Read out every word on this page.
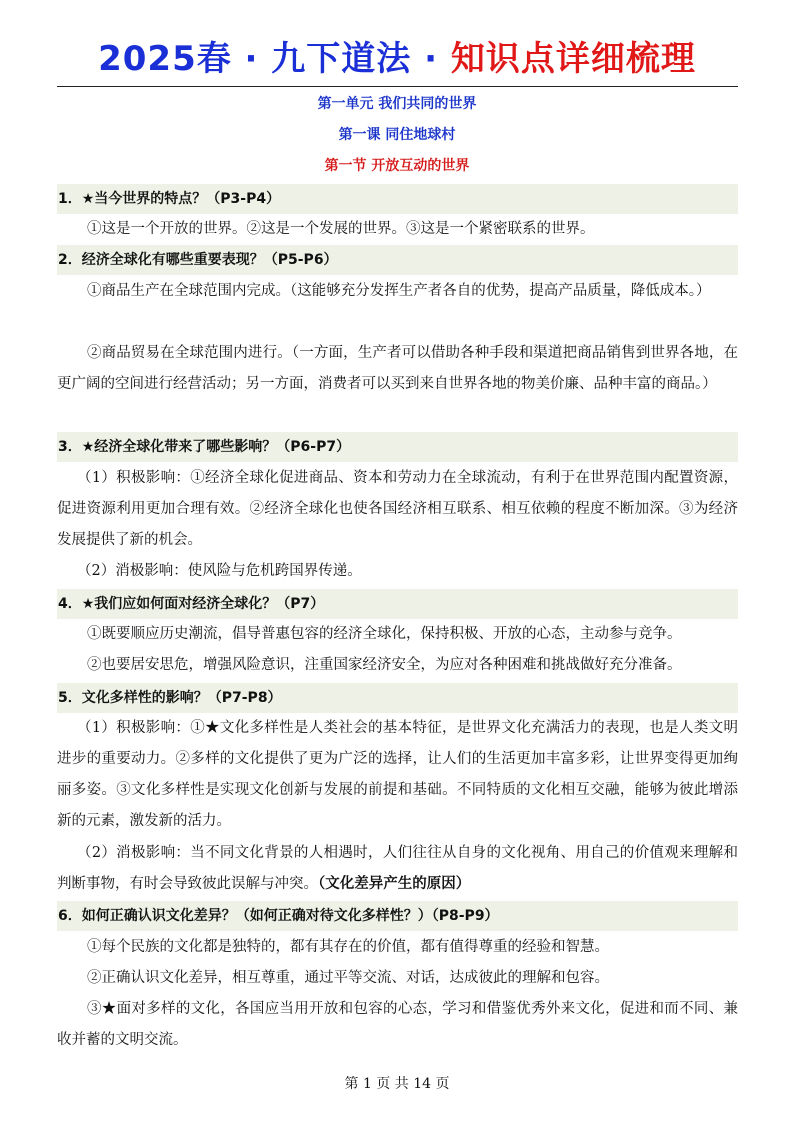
2025春 · 九下道法 · 知识点详细梳理
第一单元 我们共同的世界
第一课 同住地球村
第一节 开放互动的世界
1．★当今世界的特点？（P3-P4）
①这是一个开放的世界。②这是一个发展的世界。③这是一个紧密联系的世界。
2．经济全球化有哪些重要表现？（P5-P6）
①商品生产在全球范围内完成。（这能够充分发挥生产者各自的优势，提高产品质量，降低成本。）
②商品贸易在全球范围内进行。（一方面，生产者可以借助各种手段和渠道把商品销售到世界各地，在更广阔的空间进行经营活动；另一方面，消费者可以买到来自世界各地的物美价廉、品种丰富的商品。）
3．★经济全球化带来了哪些影响？（P6-P7）
（1）积极影响：①经济全球化促进商品、资本和劳动力在全球流动，有利于在世界范围内配置资源，促进资源利用更加合理有效。②经济全球化也使各国经济相互联系、相互依赖的程度不断加深。③为经济发展提供了新的机会。
（2）消极影响：使风险与危机跨国界传递。
4．★我们应如何面对经济全球化？（P7）
①既要顺应历史潮流，倡导普惠包容的经济全球化，保持积极、开放的心态，主动参与竞争。
②也要居安思危，增强风险意识，注重国家经济安全，为应对各种困难和挑战做好充分准备。
5．文化多样性的影响？（P7-P8）
（1）积极影响：①★文化多样性是人类社会的基本特征，是世界文化充满活力的表现，也是人类文明进步的重要动力。②多样的文化提供了更为广泛的选择，让人们的生活更加丰富多彩，让世界变得更加绚丽多姿。③文化多样性是实现文化创新与发展的前提和基础。不同特质的文化相互交融，能够为彼此增添新的元素，激发新的活力。
（2）消极影响：当不同文化背景的人相遇时，人们往往从自身的文化视角、用自己的价值观来理解和判断事物，有时会导致彼此误解与冲突。（文化差异产生的原因）
6．如何正确认识文化差异？（如何正确对待文化多样性？）（P8-P9）
①每个民族的文化都是独特的，都有其存在的价值，都有值得尊重的经验和智慧。
②正确认识文化差异，相互尊重，通过平等交流、对话，达成彼此的理解和包容。
③★面对多样的文化，各国应当用开放和包容的心态，学习和借鉴优秀外来文化，促进和而不同、兼收并蓄的文明交流。
第 1 页 共 14 页
